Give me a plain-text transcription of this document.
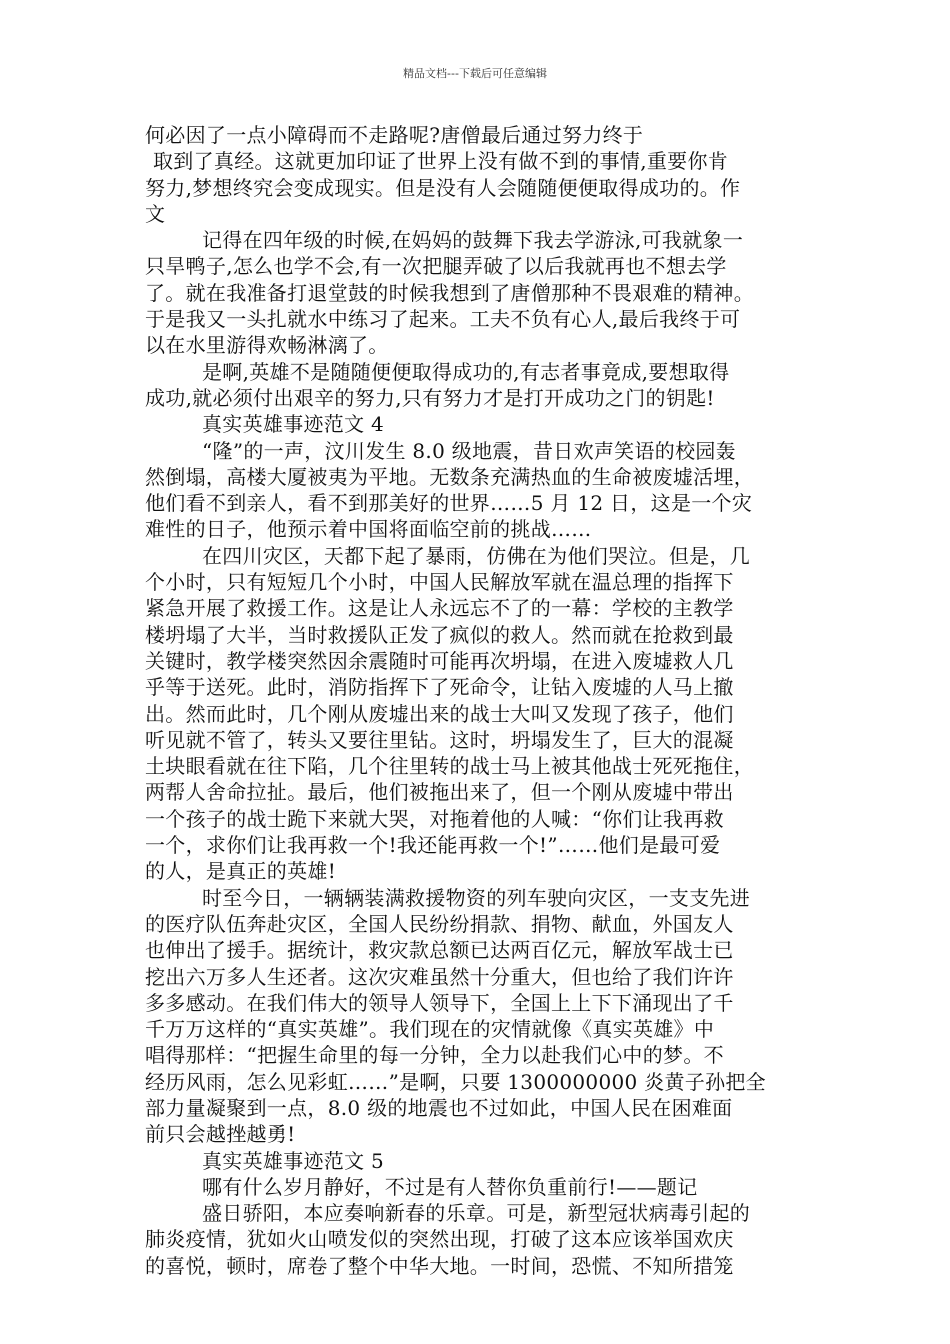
精品文档---下载后可任意编辑
何必因了一点小障碍而不走路呢?唐僧最后通过努力终于
取到了真经。这就更加印证了世界上没有做不到的事情,重要你肯
努力,梦想终究会变成现实。但是没有人会随随便便取得成功的。作
文
记得在四年级的时候,在妈妈的鼓舞下我去学游泳,可我就象一
只旱鸭子,怎么也学不会,有一次把腿弄破了以后我就再也不想去学
了。就在我准备打退堂鼓的时候我想到了唐僧那种不畏艰难的精神。
于是我又一头扎就水中练习了起来。工夫不负有心人,最后我终于可
以在水里游得欢畅淋漓了。
是啊,英雄不是随随便便取得成功的,有志者事竟成,要想取得
成功,就必须付出艰辛的努力,只有努力才是打开成功之门的钥匙!
真实英雄事迹范文 4
“隆”的一声，汶川发生 8.0 级地震，昔日欢声笑语的校园轰
然倒塌，高楼大厦被夷为平地。无数条充满热血的生命被废墟活埋，
他们看不到亲人，看不到那美好的世界……5 月 12 日，这是一个灾
难性的日子，他预示着中国将面临空前的挑战……
在四川灾区，天都下起了暴雨，仿佛在为他们哭泣。但是，几
个小时，只有短短几个小时，中国人民解放军就在温总理的指挥下
紧急开展了救援工作。这是让人永远忘不了的一幕：学校的主教学
楼坍塌了大半，当时救援队正发了疯似的救人。然而就在抢救到最
关键时，教学楼突然因余震随时可能再次坍塌，在进入废墟救人几
乎等于送死。此时，消防指挥下了死命令，让钻入废墟的人马上撤
出。然而此时，几个刚从废墟出来的战士大叫又发现了孩子，他们
听见就不管了，转头又要往里钻。这时，坍塌发生了，巨大的混凝
土块眼看就在往下陷，几个往里转的战士马上被其他战士死死拖住，
两帮人舍命拉扯。最后，他们被拖出来了，但一个刚从废墟中带出
一个孩子的战士跪下来就大哭，对拖着他的人喊：“你们让我再救
一个，求你们让我再救一个!我还能再救一个!”……他们是最可爱
的人，是真正的英雄!
时至今日，一辆辆装满救援物资的列车驶向灾区，一支支先进
的医疗队伍奔赴灾区，全国人民纷纷捐款、捐物、献血，外国友人
也伸出了援手。据统计，救灾款总额已达两百亿元，解放军战士已
挖出六万多人生还者。这次灾难虽然十分重大，但也给了我们许许
多多感动。在我们伟大的领导人领导下，全国上上下下涌现出了千
千万万这样的“真实英雄”。我们现在的灾情就像《真实英雄》中
唱得那样：“把握生命里的每一分钟，全力以赴我们心中的梦。不
经历风雨，怎么见彩虹……”是啊，只要 1300000000 炎黄子孙把全
部力量凝聚到一点，8.0 级的地震也不过如此，中国人民在困难面
前只会越挫越勇!
真实英雄事迹范文 5
哪有什么岁月静好，不过是有人替你负重前行!——题记
盛日骄阳，本应奏响新春的乐章。可是，新型冠状病毒引起的
肺炎疫情，犹如火山喷发似的突然出现，打破了这本应该举国欢庆
的喜悦，顿时，席卷了整个中华大地。一时间，恐慌、不知所措笼
